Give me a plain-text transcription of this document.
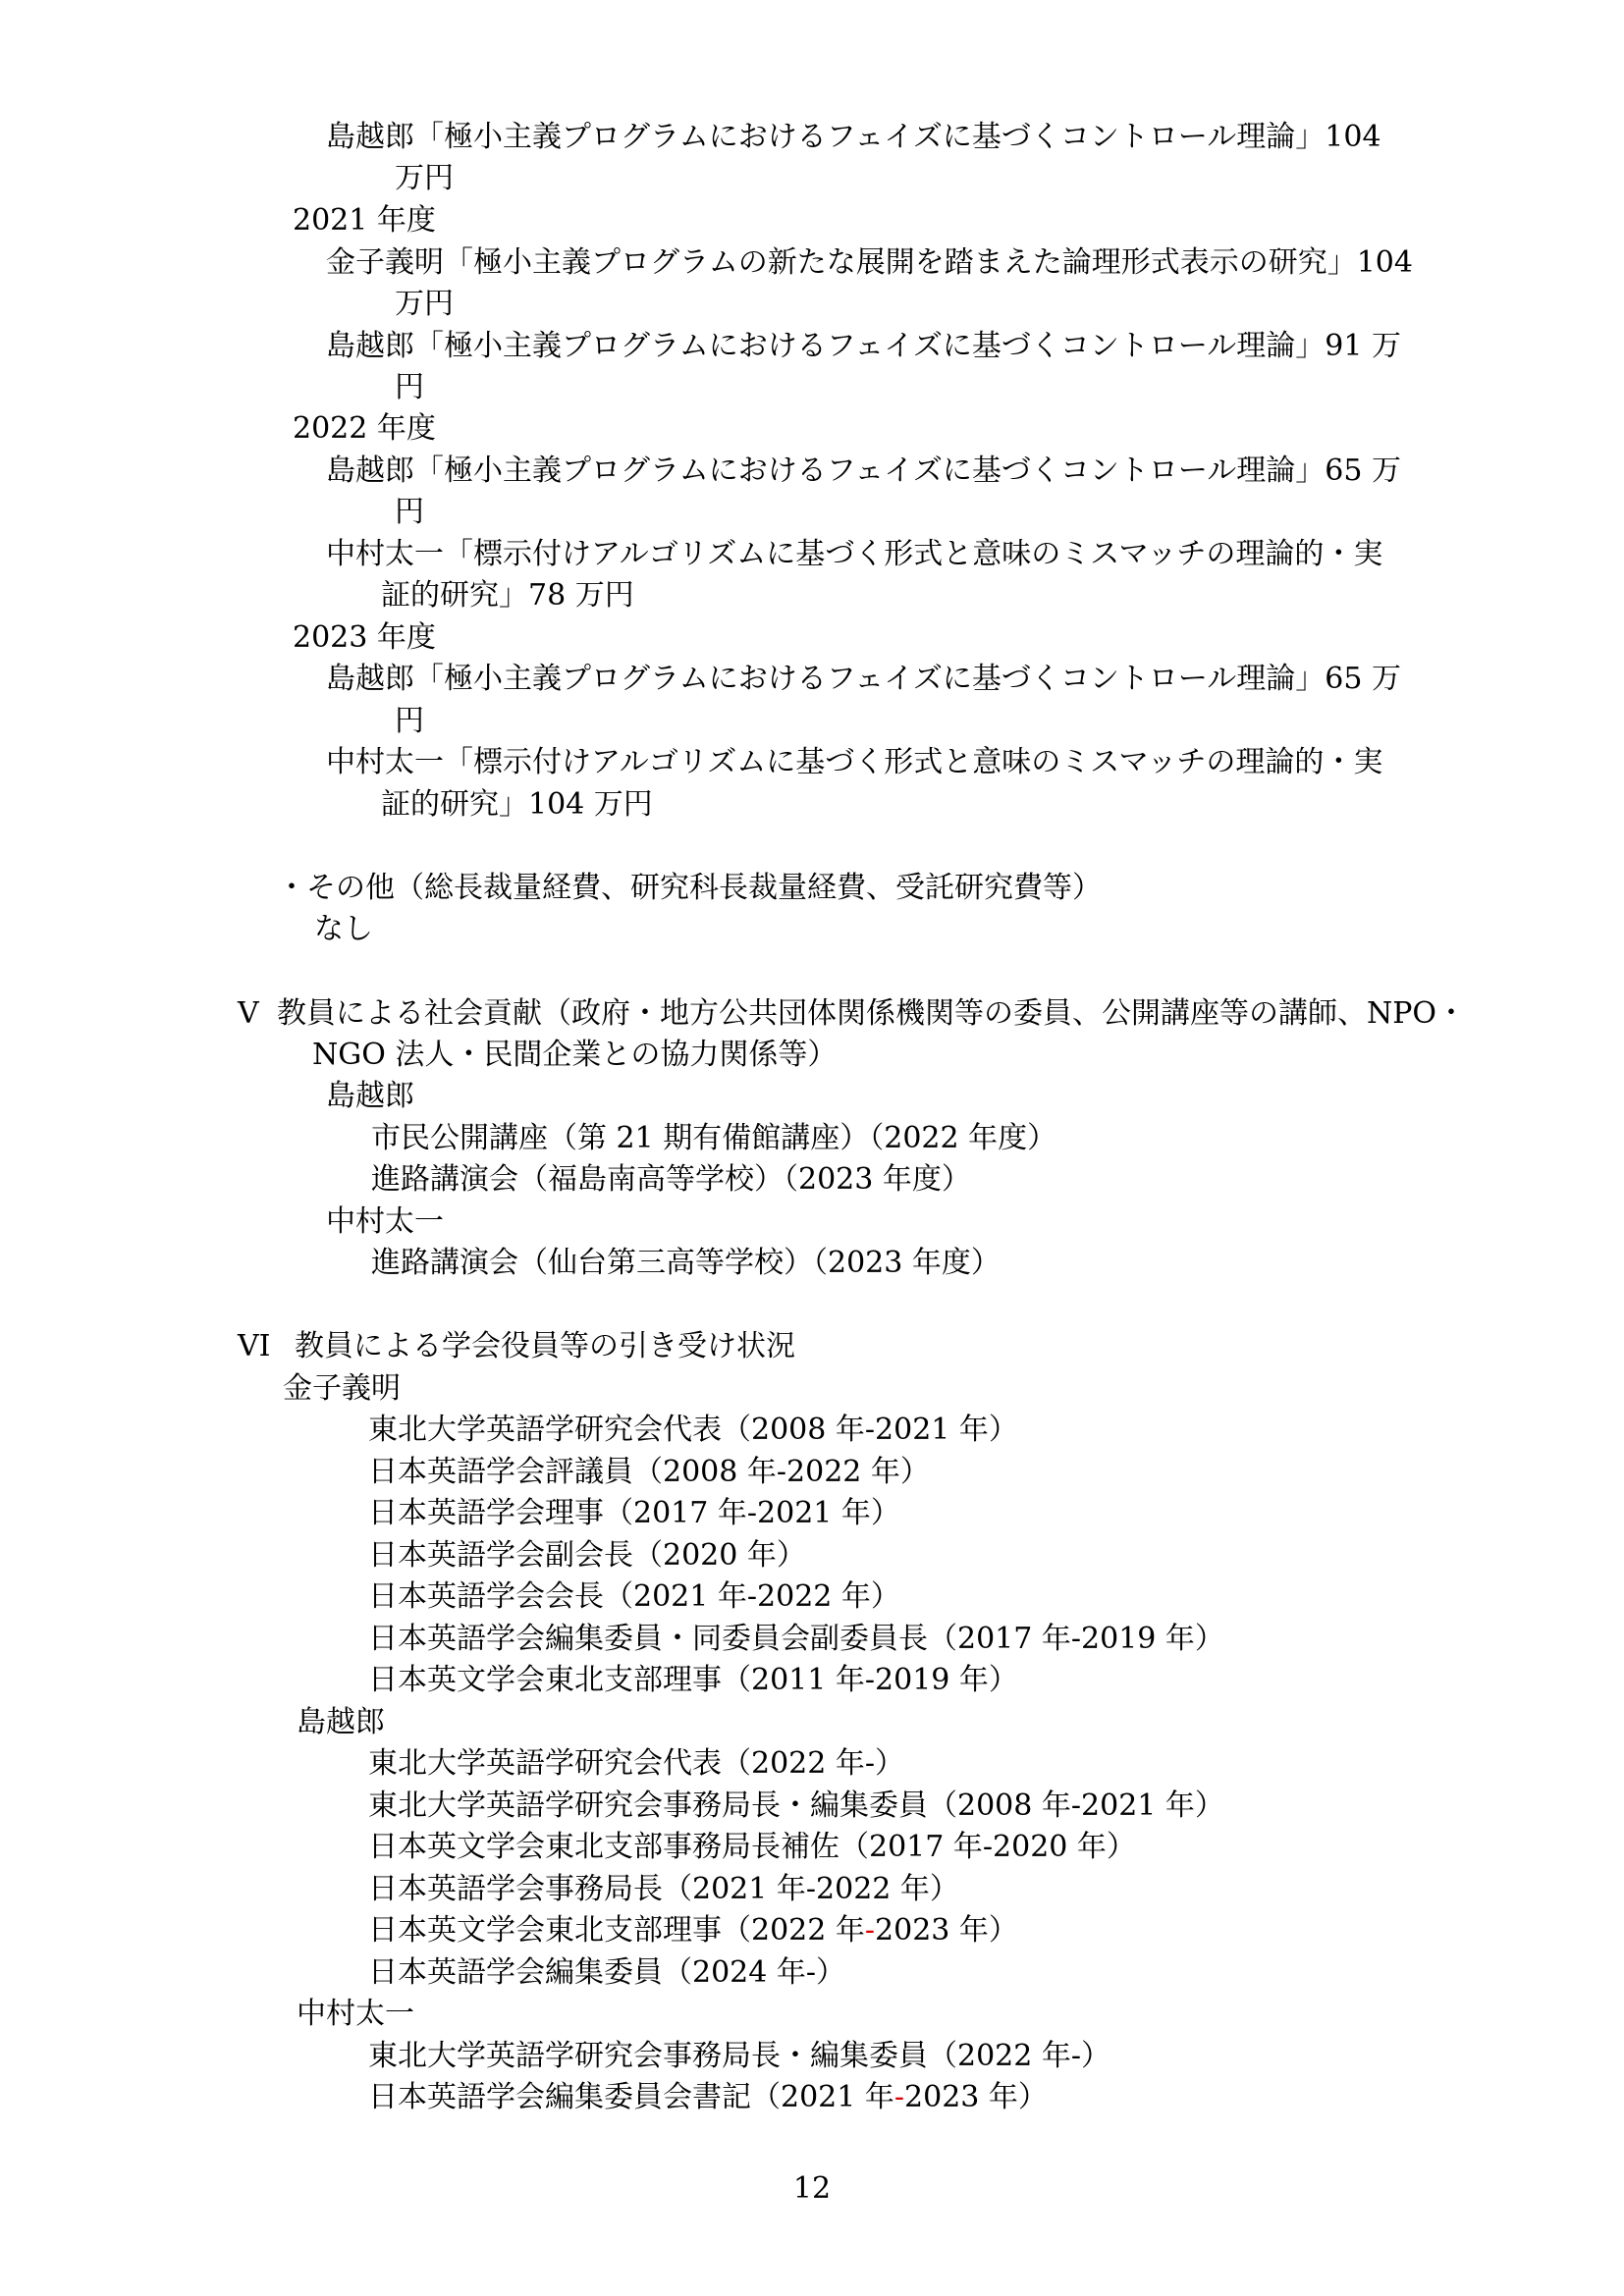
島越郎「極小主義プログラムにおけるフェイズに基づくコントロール理論」104
万円
2021 年度
金子義明「極小主義プログラムの新たな展開を踏まえた論理形式表示の研究」104
万円
島越郎「極小主義プログラムにおけるフェイズに基づくコントロール理論」91 万
円
2022 年度
島越郎「極小主義プログラムにおけるフェイズに基づくコントロール理論」65 万
円
中村太一「標示付けアルゴリズムに基づく形式と意味のミスマッチの理論的・実
証的研究」78 万円
2023 年度
島越郎「極小主義プログラムにおけるフェイズに基づくコントロール理論」65 万
円
中村太一「標示付けアルゴリズムに基づく形式と意味のミスマッチの理論的・実
証的研究」104 万円
・ その他（総長裁量経費、研究科長裁量経費、受託研究費等）
なし
V 教員による社会貢献（政府・地方公共団体関係機関等の委員、公開講座等の講師、NPO・
NGO 法人・民間企業との協力関係等）
島越郎
市民公開講座（第 21 期有備館講座）（2022 年度）
進路講演会（福島南高等学校）（2023 年度）
中村太一
進路講演会（仙台第三高等学校）（2023 年度）
VI 教員による学会役員等の引き受け状況
金子義明
東北大学英語学研究会代表（2008 年-2021 年）
日本英語学会評議員（2008 年-2022 年）
日本英語学会理事（2017 年-2021 年）
日本英語学会副会長（2020 年）
日本英語学会会長（2021 年-2022 年）
日本英語学会編集委員・同委員会副委員長（2017 年-2019 年）
日本英文学会東北支部理事（2011 年-2019 年）
島越郎
東北大学英語学研究会代表（2022 年-）
東北大学英語学研究会事務局長・編集委員（2008 年-2021 年）
日本英文学会東北支部事務局長補佐（2017 年-2020 年）
日本英語学会事務局長（2021 年-2022 年）
日本英文学会東北支部理事（2022 年-2023 年）
日本英語学会編集委員（2024 年-）
中村太一
東北大学英語学研究会事務局長・編集委員（2022 年-）
日本英語学会編集委員会書記（2021 年-2023 年）
12
